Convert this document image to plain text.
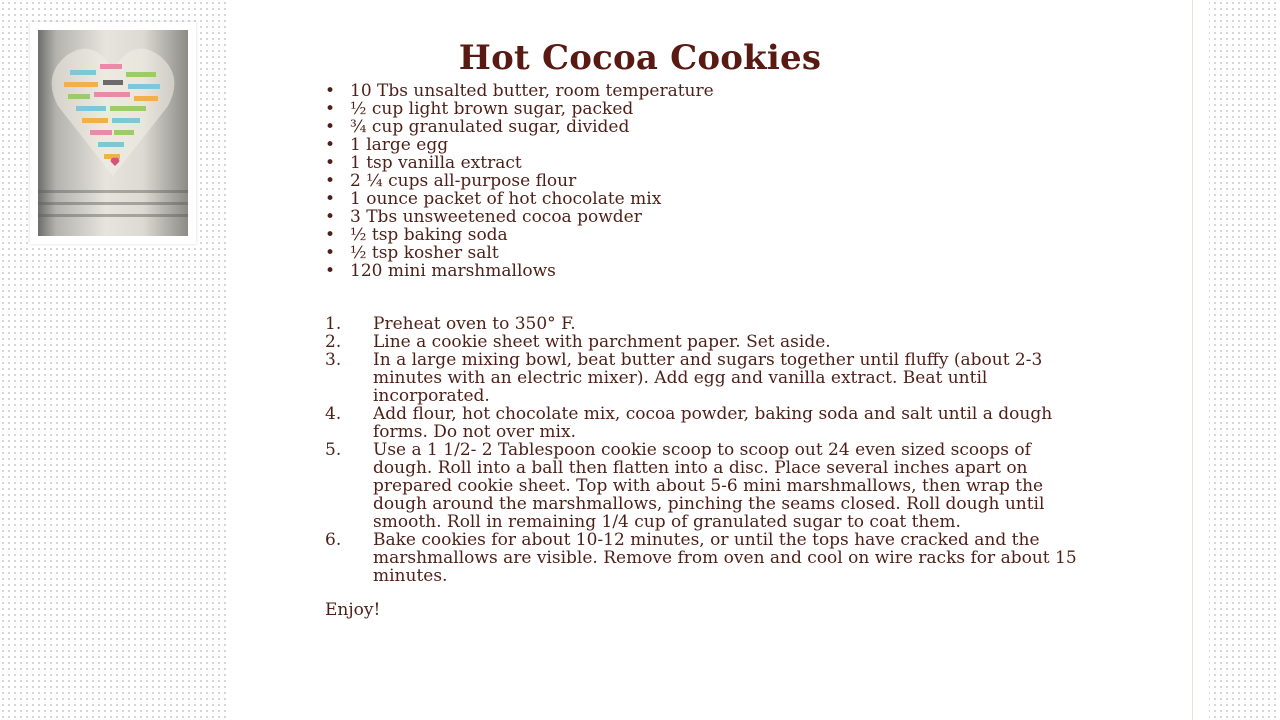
Hot Cocoa Cookies
• 10 Tbs unsalted butter, room temperature
• ½ cup light brown sugar, packed
• ¾ cup granulated sugar, divided
• 1 large egg
• 1 tsp vanilla extract
• 2 ¼ cups all-purpose flour
• 1 ounce packet of hot chocolate mix
• 3 Tbs unsweetened cocoa powder
• ½ tsp baking soda
• ½ tsp kosher salt
• 120 mini marshmallows
1. Preheat oven to 350° F.
2. Line a cookie sheet with parchment paper. Set aside.
3. In a large mixing bowl, beat butter and sugars together until fluffy (about 2-3 minutes with an electric mixer). Add egg and vanilla extract. Beat until incorporated.
4. Add flour, hot chocolate mix, cocoa powder, baking soda and salt until a dough forms. Do not over mix.
5. Use a 1 1/2- 2 Tablespoon cookie scoop to scoop out 24 even sized scoops of dough. Roll into a ball then flatten into a disc. Place several inches apart on prepared cookie sheet. Top with about 5-6 mini marshmallows, then wrap the dough around the marshmallows, pinching the seams closed. Roll dough until smooth. Roll in remaining 1/4 cup of granulated sugar to coat them.
6. Bake cookies for about 10-12 minutes, or until the tops have cracked and the marshmallows are visible. Remove from oven and cool on wire racks for about 15 minutes.
Enjoy!
